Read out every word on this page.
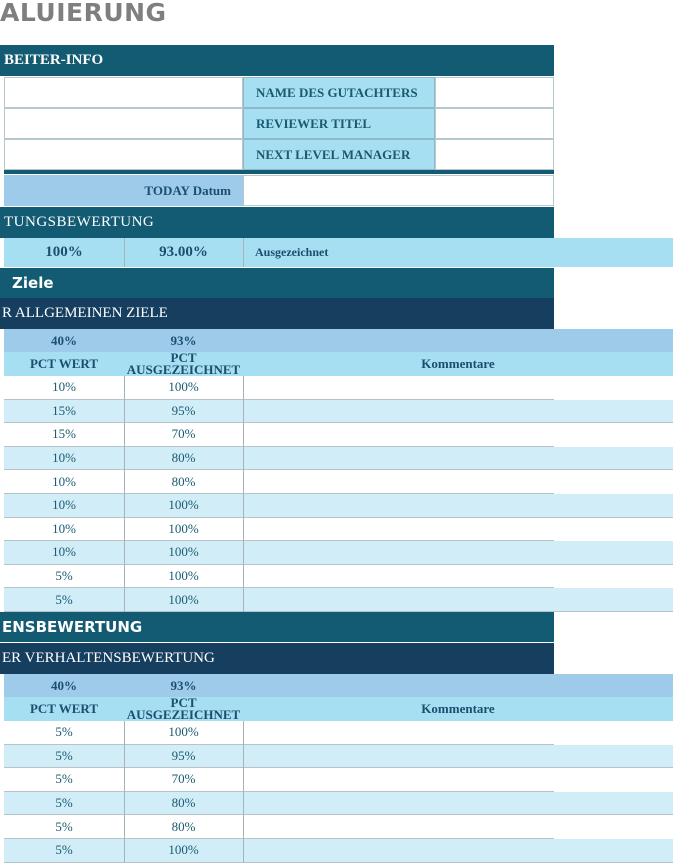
ALUIERUNG
BEITER-INFO
NAME DES GUTACHTERS
REVIEWER TITEL
NEXT LEVEL MANAGER
TODAY Datum
TUNGSBEWERTUNG
100%	93.00%	Ausgezeichnet
Ziele
R ALLGEMEINEN ZIELE
40%	93%
PCT WERT	PCT AUSGEZEICHNET	Kommentare
10%	100%
15%	95%
15%	70%
10%	80%
10%	80%
10%	100%
10%	100%
10%	100%
5%	100%
5%	100%
ENSBEWERTUNG
ER VERHALTENSBEWERTUNG
40%	93%
PCT WERT	PCT AUSGEZEICHNET	Kommentare
5%	100%
5%	95%
5%	70%
5%	80%
5%	80%
5%	100%
